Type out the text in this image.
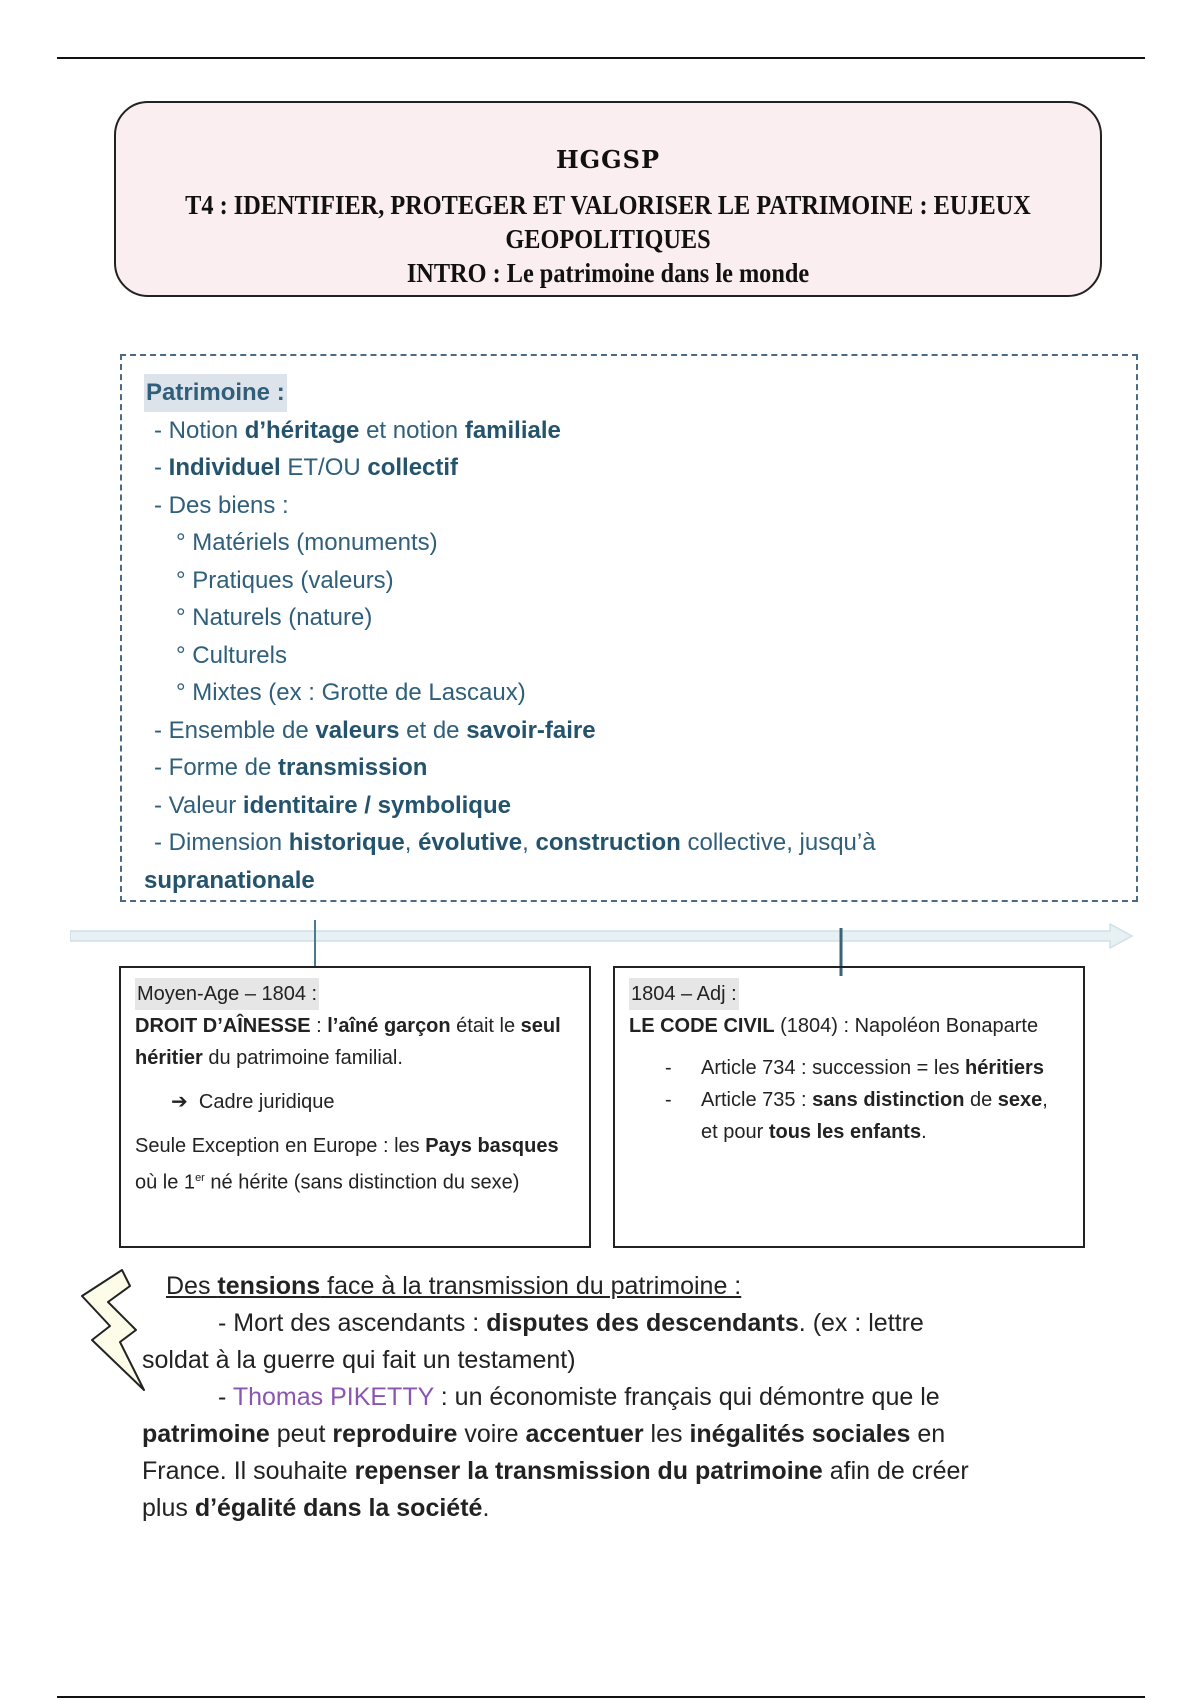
HGGSP
T4 : IDENTIFIER, PROTEGER ET VALORISER LE PATRIMOINE : EUJEUX GEOPOLITIQUES
INTRO : Le patrimoine dans le monde
Patrimoine :
- Notion d’héritage et notion familiale
- Individuel ET/OU collectif
- Des biens :
° Matériels (monuments)
° Pratiques (valeurs)
° Naturels (nature)
° Culturels
° Mixtes (ex : Grotte de Lascaux)
- Ensemble de valeurs et de savoir-faire
- Forme de transmission
- Valeur identitaire / symbolique
- Dimension historique, évolutive, construction collective, jusqu’à
supranationale
Moyen-Age – 1804 :
DROIT D’AÎNESSE : l’aîné garçon était le seul héritier du patrimoine familial.
➔ Cadre juridique
Seule Exception en Europe : les Pays basques où le 1er né hérite (sans distinction du sexe)
1804 – Adj :
LE CODE CIVIL (1804) : Napoléon Bonaparte
- Article 734 : succession = les héritiers
- Article 735 : sans distinction de sexe, et pour tous les enfants.
Des tensions face à la transmission du patrimoine :
- Mort des ascendants : disputes des descendants. (ex : lettre
soldat à la guerre qui fait un testament)
- Thomas PIKETTY : un économiste français qui démontre que le
patrimoine peut reproduire voire accentuer les inégalités sociales en
France. Il souhaite repenser la transmission du patrimoine afin de créer
plus d’égalité dans la société.
